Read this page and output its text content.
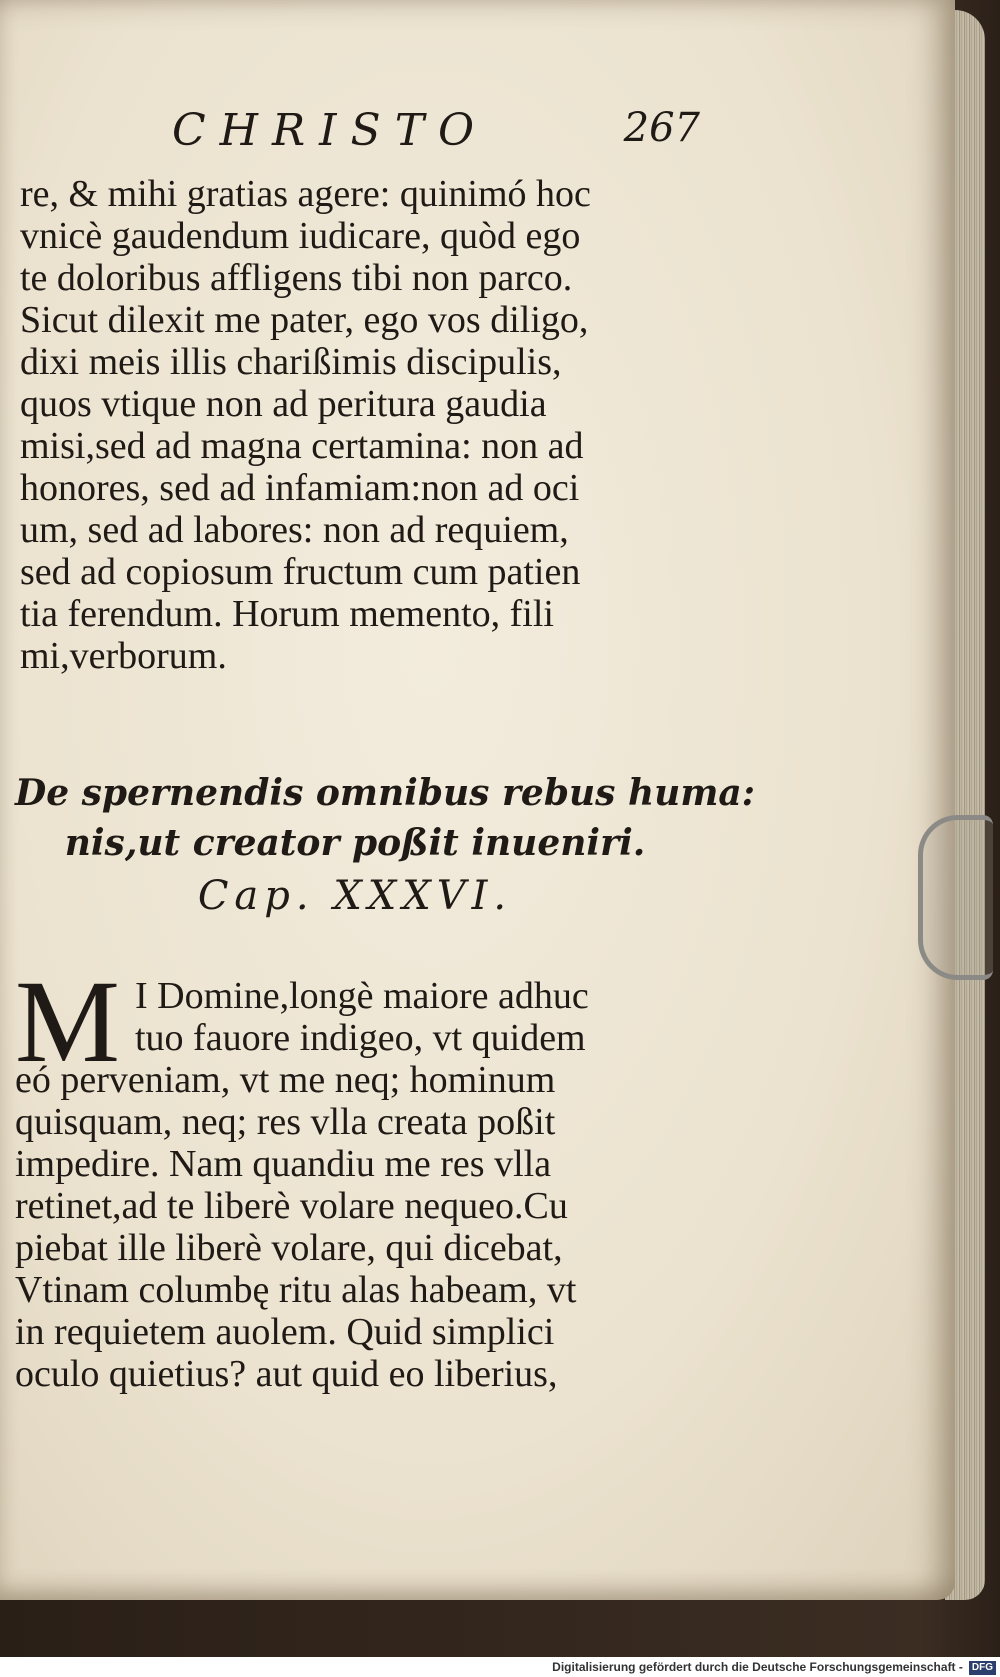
CHRISTO	267
re, & mihi gratias agere: quinimó hoc
vnicè gaudendum iudicare, quòd ego
te doloribus affligens tibi non parco.
Sicut dilexit me pater, ego vos diligo,
dixi meis illis charißimis discipulis,
quos vtique non ad peritura gaudia
misi,sed ad magna certamina: non ad
honores, sed ad infamiam:non ad oci
um, sed ad labores: non ad requiem,
sed ad copiosum fructum cum patien
tia ferendum. Horum memento, fili
mi,verborum.
De spernendis omnibus rebus huma:
nis,ut creator poßit inueniri.
Cap. XXXVI.
M I Domine,longè maiore adhuc
tuo fauore indigeo, vt quidem
eó perveniam, vt me neq; hominum
quisquam, neq; res vlla creata poßit
impedire. Nam quandiu me res vlla
retinet,ad te liberè volare nequeo.Cu
piebat ille liberè volare, qui dicebat,
Vtinam columbę ritu alas habeam, vt
in requietem auolem. Quid simplici
oculo quietius? aut quid eo liberius,
Digitalisierung gefördert durch die Deutsche Forschungsgemeinschaft - DFG
